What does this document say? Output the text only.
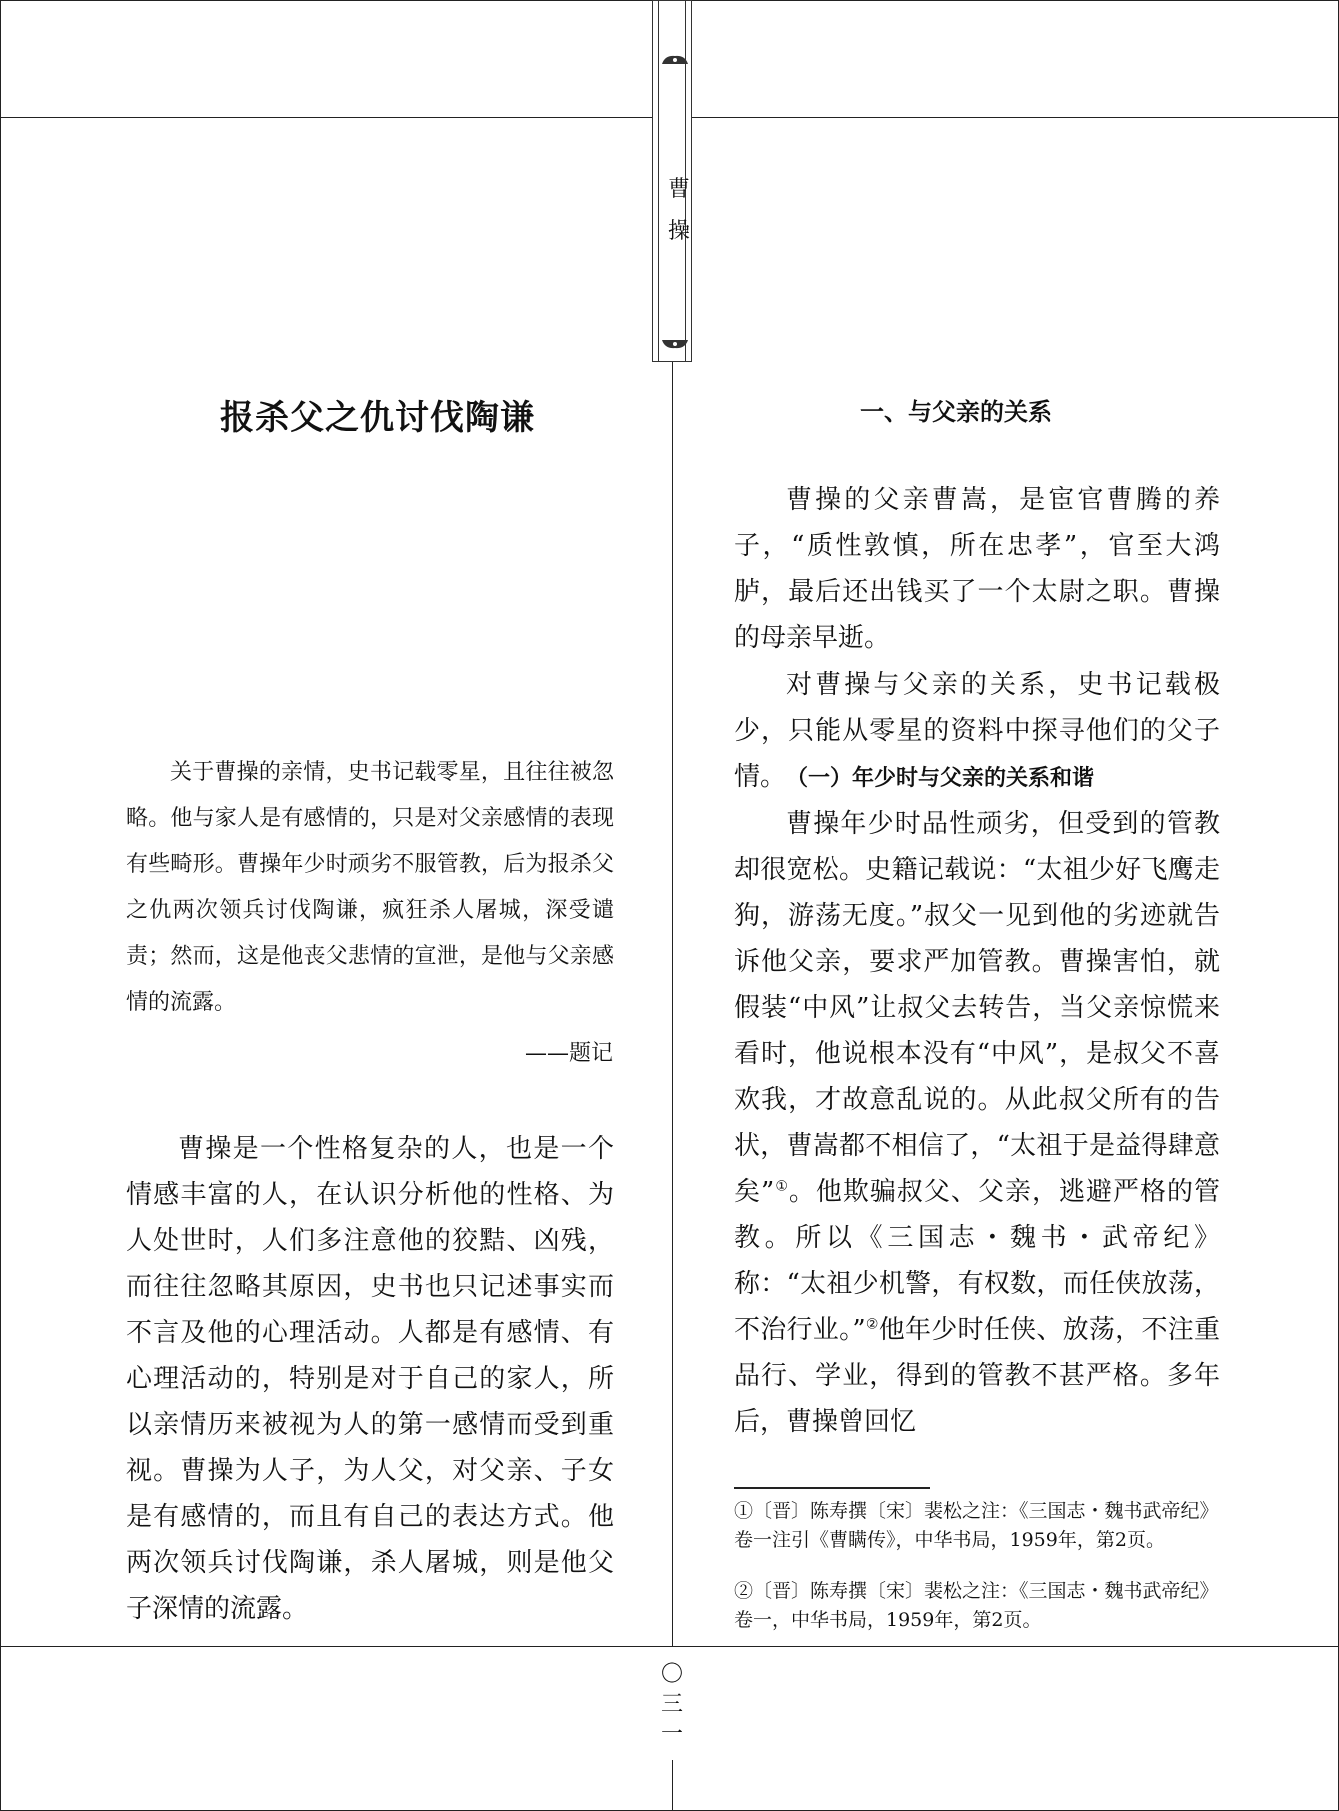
曹
操
报杀父之仇讨伐陶谦

关于曹操的亲情，史书记载零星，且往往被忽略。他与家人是有感情的，只是对父亲感情的表现有些畸形。曹操年少时顽劣不服管教，后为报杀父之仇两次领兵讨伐陶谦，疯狂杀人屠城，深受谴责；然而，这是他丧父悲情的宣泄，是他与父亲感情的流露。

——题记

曹操是一个性格复杂的人，也是一个情感丰富的人，在认识分析他的性格、为人处世时，人们多注意他的狡黠、凶残，而往往忽略其原因，史书也只记述事实而不言及他的心理活动。人都是有感情、有心理活动的，特别是对于自己的家人，所以亲情历来被视为人的第一感情而受到重视。曹操为人子，为人父，对父亲、子女是有感情的，而且有自己的表达方式。他两次领兵讨伐陶谦，杀人屠城，则是他父子深情的流露。

一、与父亲的关系

曹操的父亲曹嵩，是宦官曹腾的养子，“质性敦慎，所在忠孝”，官至大鸿胪，最后还出钱买了一个太尉之职。曹操的母亲早逝。

对曹操与父亲的关系，史书记载极少，只能从零星的资料中探寻他们的父子情。 （一）年少时与父亲的关系和谐

曹操年少时品性顽劣，但受到的管教却很宽松。史籍记载说：“太祖少好飞鹰走狗，游荡无度。”叔父一见到他的劣迹就告诉他父亲，要求严加管教。曹操害怕，就假装“中风”让叔父去转告，当父亲惊慌来看时，他说根本没有“中风”，是叔父不喜欢我，才故意乱说的。从此叔父所有的告状，曹嵩都不相信了，“太祖于是益得肆意矣”①。他欺骗叔父、父亲，逃避严格的管教。所以《三国志・魏书・武帝纪》称：“太祖少机警，有权数，而任侠放荡，不治行业。”②他年少时任侠、放荡，不注重品行、学业，得到的管教不甚严格。多年后，曹操曾回忆

①〔晋〕陈寿撰〔宋〕裴松之注：《三国志・魏书武帝纪》卷一注引《曹瞒传》，中华书局，1959年，第2页。

②〔晋〕陈寿撰〔宋〕裴松之注：《三国志・魏书武帝纪》卷一，中华书局，1959年，第2页。

〇
三
一
